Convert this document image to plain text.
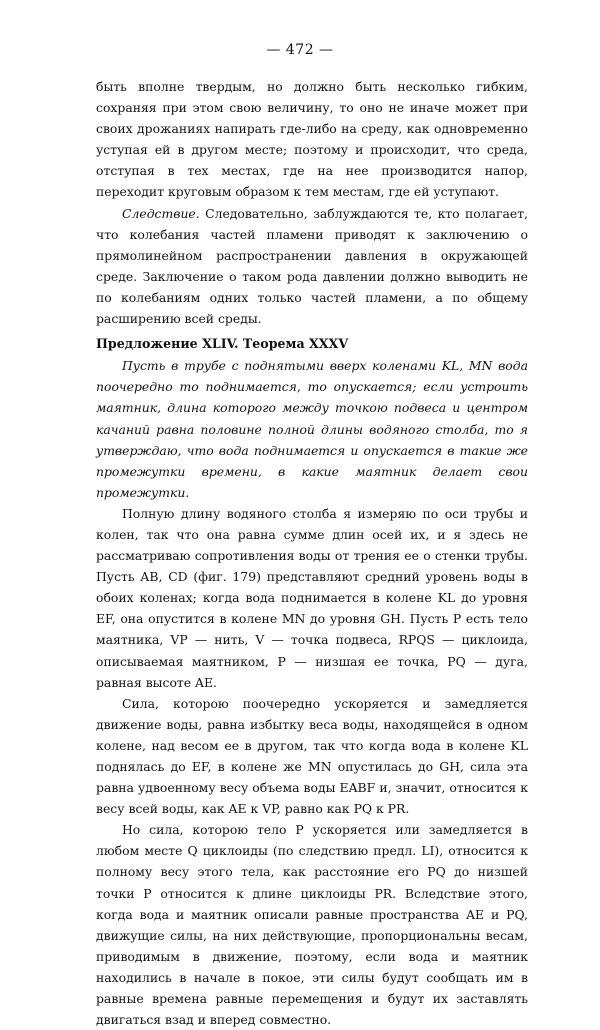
— 472 —

быть вполне твердым, но должно быть несколько гибким, сохраняя при этом свою величину, то оно не иначе может при своих дрожаниях напирать где-либо на среду, как одновременно уступая ей в другом месте; поэтому и происходит, что среда, отступая в тех местах, где на нее производится напор, переходит круговым образом к тем местам, где ей уступают.

Следствие. Следовательно, заблуждаются те, кто полагает, что колебания частей пламени приводят к заключению о прямолинейном распространении давления в окружающей среде. Заключение о таком рода давлении должно выводить не по колебаниям одних только частей пламени, а по общему расширению всей среды.

Предложение XLIV. Теорема XXXV

Пусть в трубе с поднятыми вверх коленами KL, MN вода поочередно то поднимается, то опускается; если устроить маятник, длина которого между точкою подвеса и центром качаний равна половине полной длины водяного столба, то я утверждаю, что вода поднимается и опускается в такие же промежутки времени, в какие маятник делает свои промежутки.

Полную длину водяного столба я измеряю по оси трубы и колен, так что она равна сумме длин осей их, и я здесь не рассматриваю сопротивления воды от трения ее о стенки трубы. Пусть AB, CD (фиг. 179) представляют средний уровень воды в обоих коленах; когда вода поднимается в колене KL до уровня EF, она опустится в колене MN до уровня GH. Пусть P есть тело маятника, VP — нить, V — точка подвеса, RPQS — циклоида, описываемая маятником, P — низшая ее точка, PQ — дуга, равная высоте AE.

Сила, которою поочередно ускоряется и замедляется движение воды, равна избытку веса воды, находящейся в одном колене, над весом ее в другом, так что когда вода в колене KL поднялась до EF, в колене же MN опустилась до GH, сила эта равна удвоенному весу объема воды EABF и, значит, относится к весу всей воды, как AE к VP, равно как PQ к PR.

Но сила, которою тело P ускоряется или замедляется в любом месте Q циклоиды (по следствию предл. LI), относится к полному весу этого тела, как расстояние его PQ до низшей точки P относится к длине циклоиды PR. Вследствие этого, когда вода и маятник описали равные пространства AE и PQ, движущие силы, на них действующие, пропорциональны весам, приводимым в движение, поэтому, если вода и маятник находились в начале в покое, эти силы будут сообщать им в равные времена равные перемещения и будут их заставлять двигаться взад и вперед совместно.
